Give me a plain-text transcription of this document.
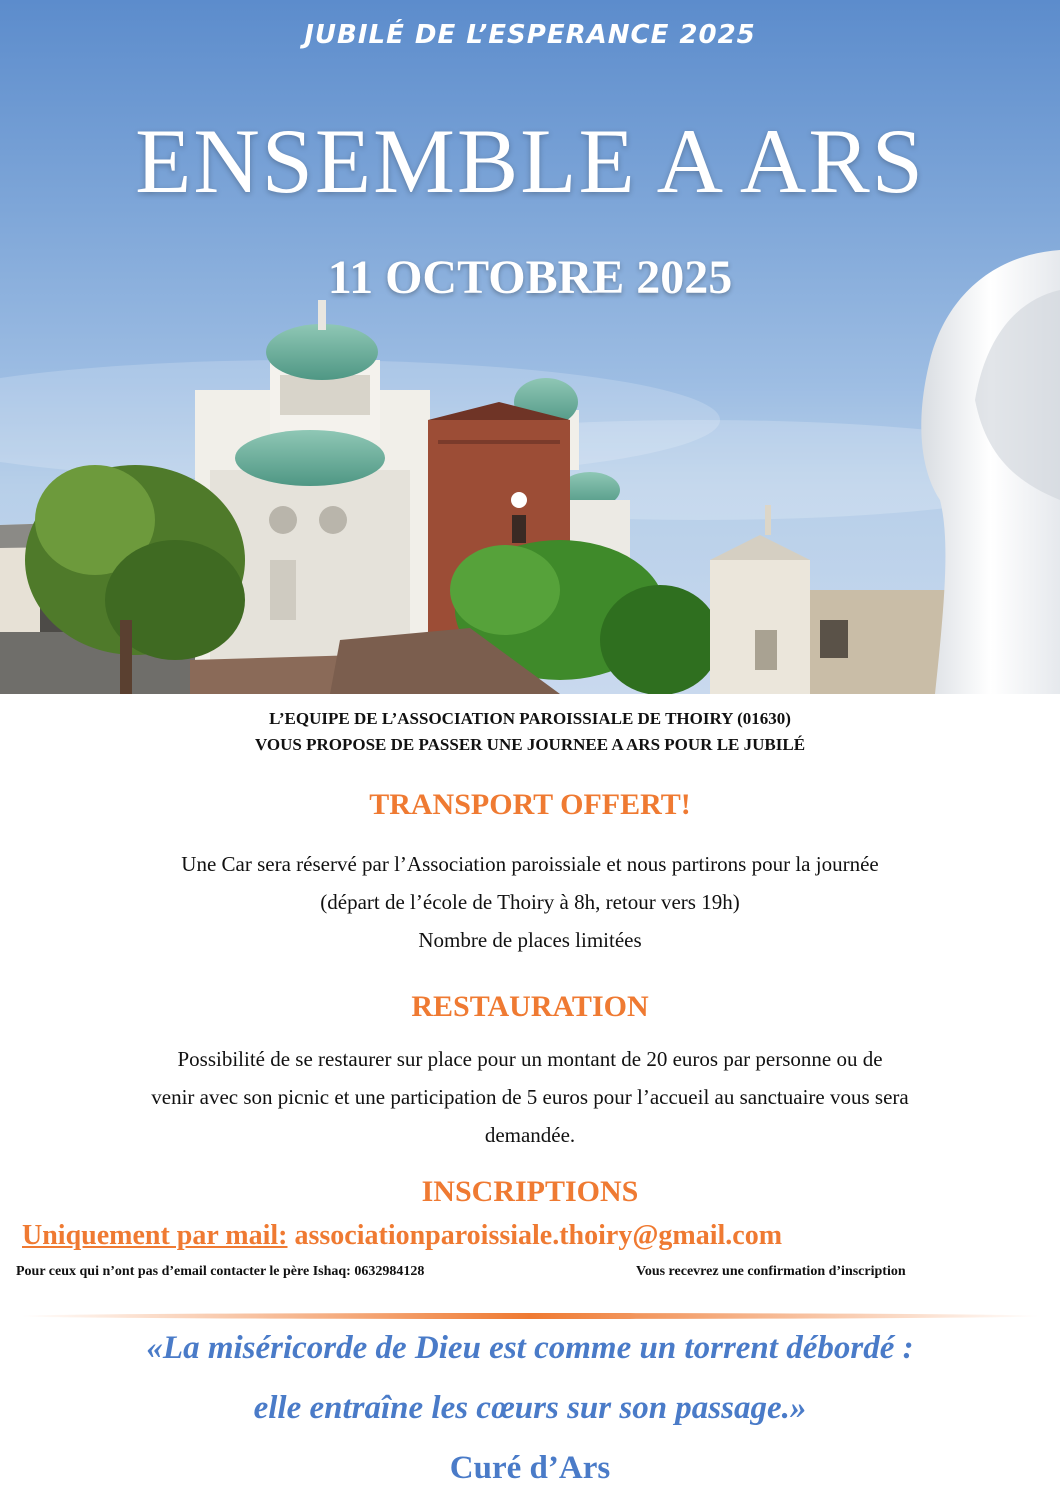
JUBILÉ DE L’ESPERANCE 2025
ENSEMBLE A ARS
11 OCTOBRE 2025
L’EQUIPE DE L’ASSOCIATION PAROISSIALE DE THOIRY (01630)
VOUS PROPOSE DE PASSER UNE JOURNEE A ARS POUR LE JUBILÉ
TRANSPORT OFFERT!
Une Car sera réservé par l’Association paroissiale et nous partirons pour la journée
(départ de l’école de Thoiry à 8h, retour vers 19h)
Nombre de places limitées
RESTAURATION
Possibilité de se restaurer sur place pour un montant de 20 euros par personne ou de
venir avec son picnic et une participation de 5 euros pour l’accueil au sanctuaire vous sera
demandée.
INSCRIPTIONS
Uniquement par mail: associationparoissiale.thoiry@gmail.com
Pour ceux qui n’ont pas d’email contacter le père Ishaq: 0632984128	Vous recevrez une confirmation d’inscription
«La miséricorde de Dieu est comme un torrent débordé :
elle entraîne les cœurs sur son passage.»
Curé d’Ars
